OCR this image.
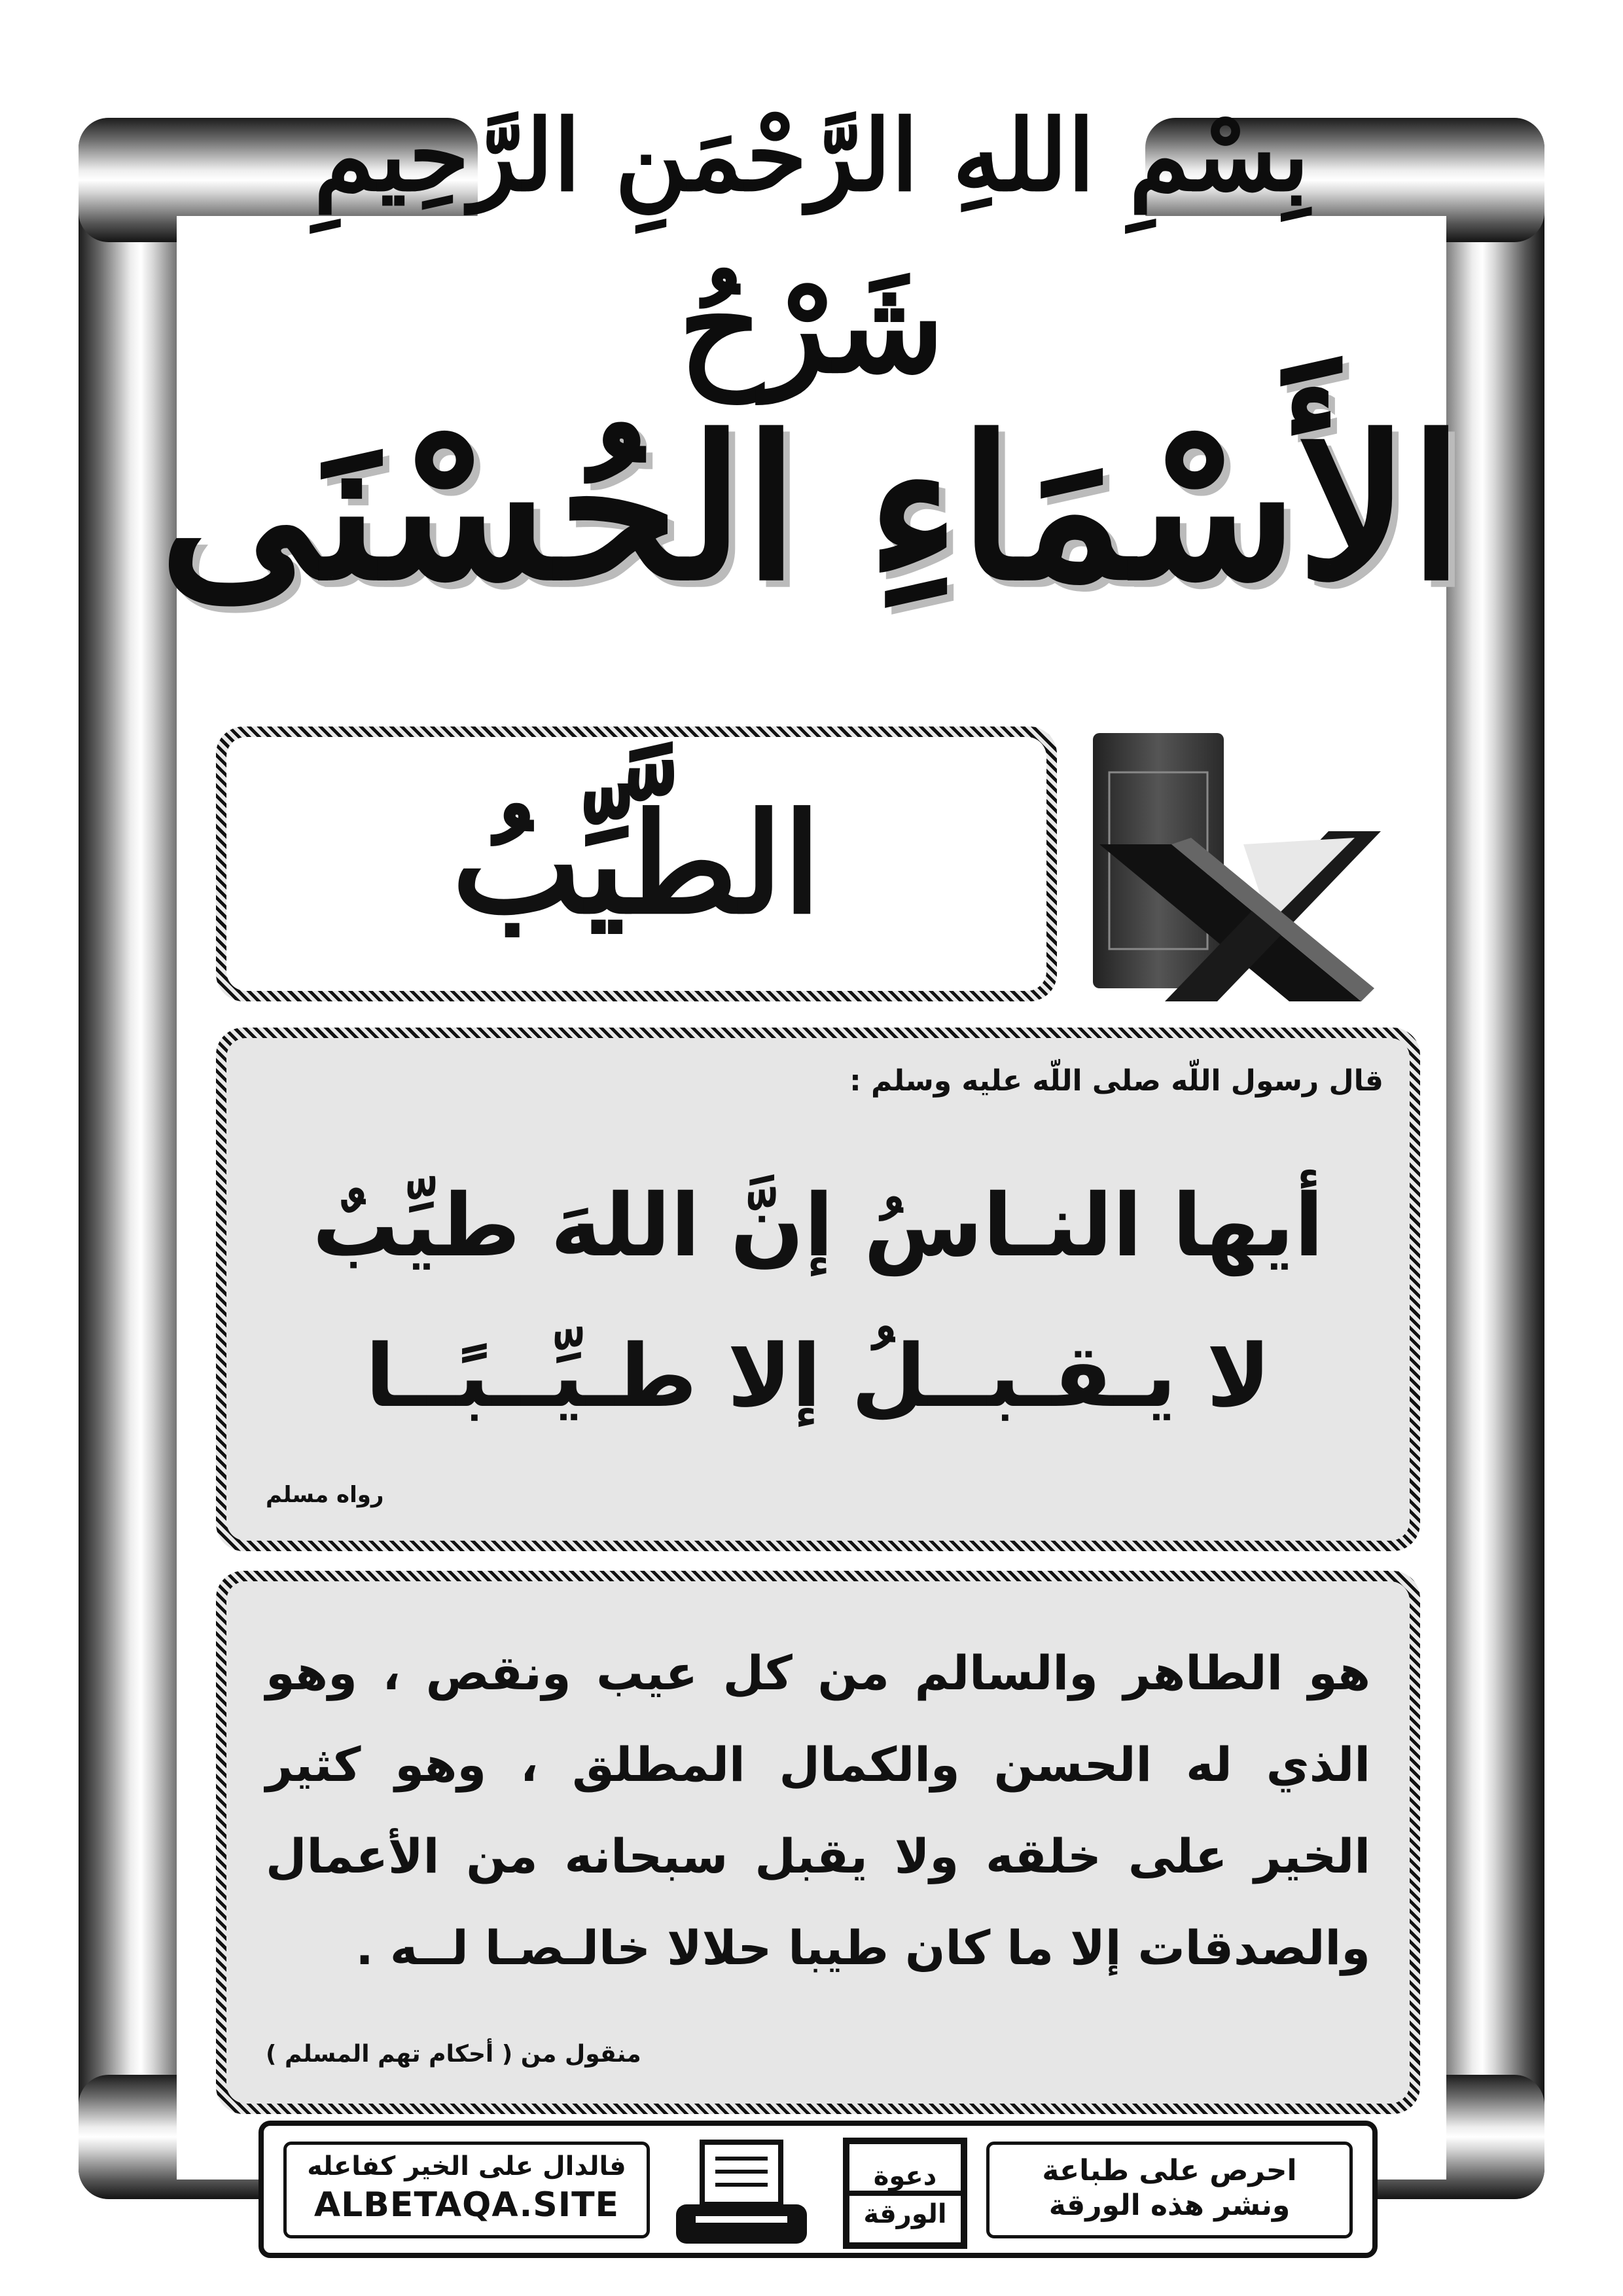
بِسْمِ اللهِ الرَّحْمَنِ الرَّحِيمِ
شَرْحُ
الأَسْمَاءِ الحُسْنَى
الطَّيِّبُ
قال رسول اللّه صلى اللّه عليه وسلم :
أيها النـاسُ إنَّ اللهَ طيِّبٌ
لا يـقـبــلُ إلا طـيِّــبًــا
رواه مسلم
هو الطاهر والسالم من كل عيب ونقص ، وهو الذي له الحسن والكمال المطلق ، وهو كثير الخير على خلقه ولا يقبل سبحانه من الأعمال والصدقات إلا ما كان طيبا حلالا خالـصـا لــه .
منقول من ( أحكام تهم المسلم )
فالدال على الخير كفاعله
ALBETAQA.SITE
دعوة الورقة
احرص على طباعة
ونشر هذه الورقة
